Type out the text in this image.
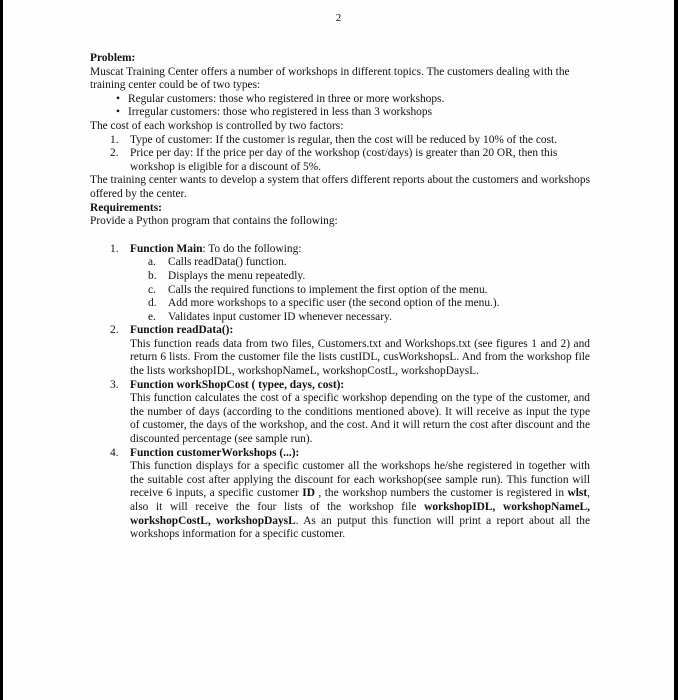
2

Problem:

Muscat Training Center offers a number of workshops in different topics. The customers dealing with the training center could be of two types:

• Regular customers: those who registered in three or more workshops.

• Irregular customers: those who registered in less than 3 workshops

The cost of each workshop is controlled by two factors:

1. Type of customer: If the customer is regular, then the cost will be reduced by 10% of the cost.

2. Price per day: If the price per day of the workshop (cost/days) is greater than 20 OR, then this workshop is eligible for a discount of 5%.

The training center wants to develop a system that offers different reports about the customers and workshops offered by the center.

Requirements:

Provide a Python program that contains the following:

1. Function Main: To do the following:

a. Calls readData() function.

b. Displays the menu repeatedly.

c. Calls the required functions to implement the first option of the menu.

d. Add more workshops to a specific user (the second option of the menu.).

e. Validates input customer ID whenever necessary.

2. Function readData():

This function reads data from two files, Customers.txt and Workshops.txt (see figures 1 and 2) and return 6 lists. From the customer file the lists custIDL, cusWorkshopsL. And from the workshop file the lists workshopIDL, workshopNameL, workshopCostL, workshopDaysL.

3. Function workShopCost ( typee, days, cost):

This function calculates the cost of a specific workshop depending on the type of the customer, and the number of days (according to the conditions mentioned above). It will receive as input the type of customer, the days of the workshop, and the cost. And it will return the cost after discount and the discounted percentage (see sample run).

4. Function customerWorkshops (...):

This function displays for a specific customer all the workshops he/she registered in together with the suitable cost after applying the discount for each workshop(see sample run). This function will receive 6 inputs, a specific customer ID , the workshop numbers the customer is registered in wlst, also it will receive the four lists of the workshop file workshopIDL, workshopNameL, workshopCostL, workshopDaysL. As an putput this function will print a report about all the workshops information for a specific customer.
